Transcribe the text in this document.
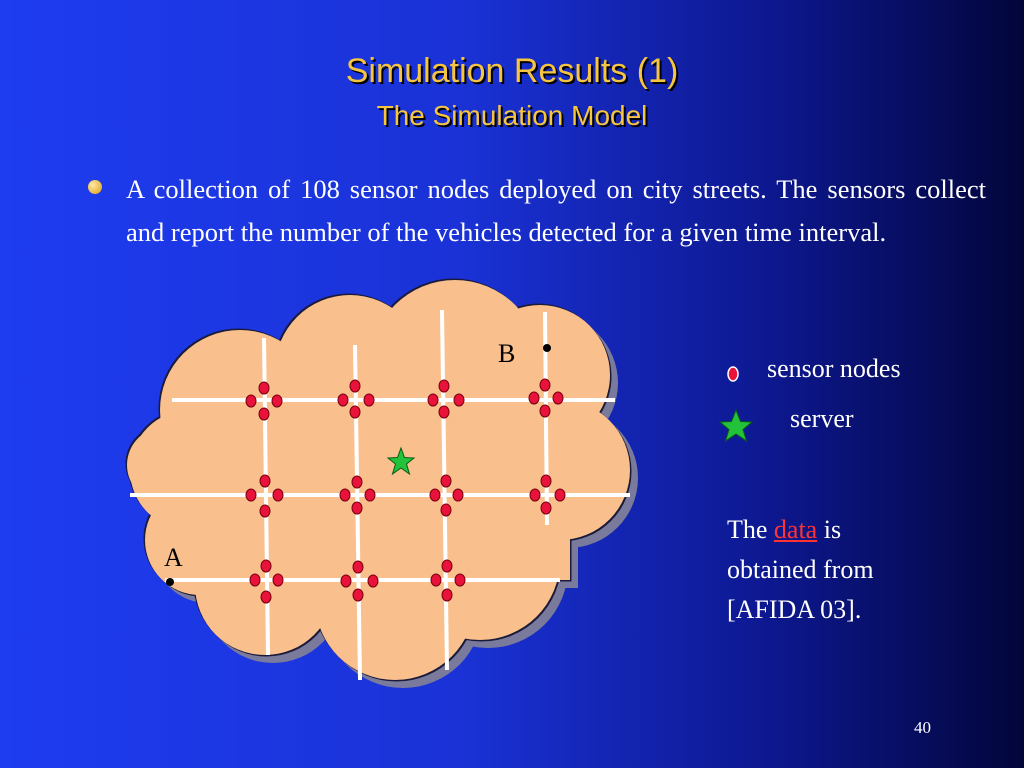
Simulation Results (1)
The Simulation Model
A collection of 108 sensor nodes deployed on city streets. The sensors collect and report the number of the vehicles detected for a given time interval.
A
B
sensor nodes
server
The data is
obtained from
[AFIDA 03].
40
